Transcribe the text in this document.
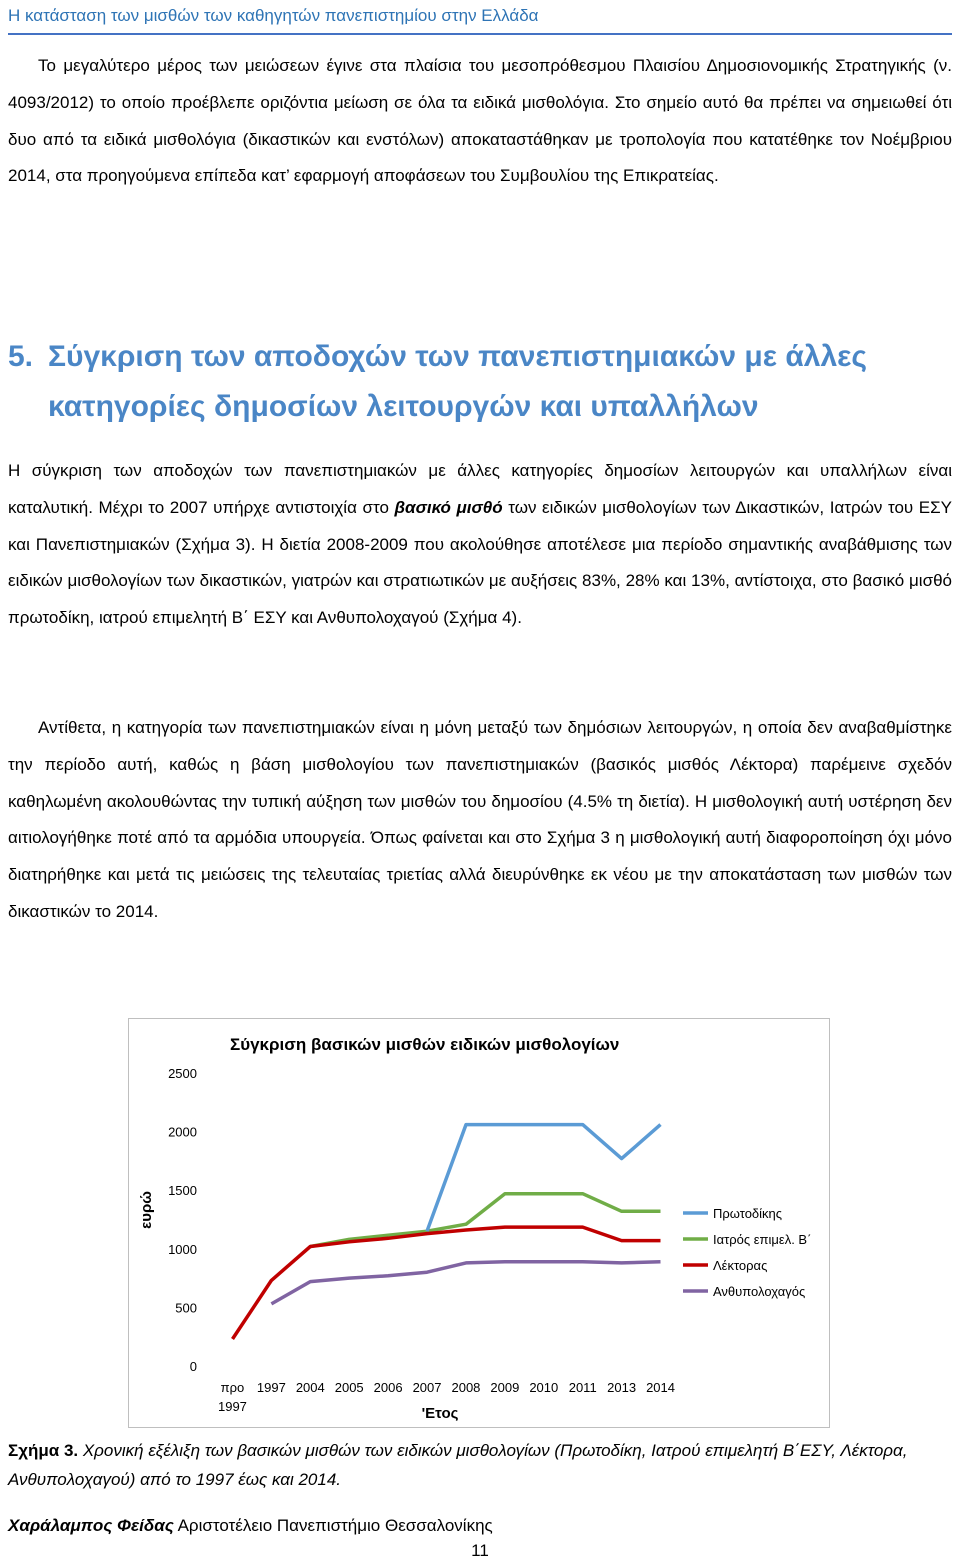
Η κατάσταση των μισθών των καθηγητών πανεπιστημίου στην Ελλάδα

Το μεγαλύτερο μέρος των μειώσεων έγινε στα πλαίσια του μεσοπρόθεσμου Πλαισίου Δημοσιονομικής Στρατηγικής (ν. 4093/2012) το οποίο προέβλεπε οριζόντια μείωση σε όλα τα ειδικά μισθολόγια. Στο σημείο αυτό θα πρέπει να σημειωθεί ότι δυο από τα ειδικά μισθολόγια (δικαστικών και ενστόλων) αποκαταστάθηκαν με τροπολογία που κατατέθηκε τον Νοέμβριου 2014, στα προηγούμενα επίπεδα κατ’ εφαρμογή αποφάσεων του Συμβουλίου της Επικρατείας.

5. Σύγκριση των αποδοχών των πανεπιστημιακών με άλλες
κατηγορίες δημοσίων λειτουργών και υπαλλήλων

Η σύγκριση των αποδοχών των πανεπιστημιακών με άλλες κατηγορίες δημοσίων λειτουργών και υπαλλήλων είναι καταλυτική. Μέχρι το 2007 υπήρχε αντιστοιχία στο βασικό μισθό των ειδικών μισθολογίων των Δικαστικών, Ιατρών του ΕΣΥ και Πανεπιστημιακών (Σχήμα 3). Η διετία 2008-2009 που ακολούθησε αποτέλεσε μια περίοδο σημαντικής αναβάθμισης των ειδικών μισθολογίων των δικαστικών, γιατρών και στρατιωτικών με αυξήσεις 83%, 28% και 13%, αντίστοιχα, στο βασικό μισθό πρωτοδίκη, ιατρού επιμελητή Β΄ ΕΣΥ και Ανθυπολοχαγού (Σχήμα 4).

Αντίθετα, η κατηγορία των πανεπιστημιακών είναι η μόνη μεταξύ των δημόσιων λειτουργών, η οποία δεν αναβαθμίστηκε την περίοδο αυτή, καθώς η βάση μισθολογίου των πανεπιστημιακών (βασικός μισθός Λέκτορα) παρέμεινε σχεδόν καθηλωμένη ακολουθώντας την τυπική αύξηση των μισθών του δημοσίου (4.5% τη διετία). Η μισθολογική αυτή υστέρηση δεν αιτιολογήθηκε ποτέ από τα αρμόδια υπουργεία. Όπως φαίνεται και στο Σχήμα 3 η μισθολογική αυτή διαφοροποίηση όχι μόνο διατηρήθηκε και μετά τις μειώσεις της τελευταίας τριετίας αλλά διευρύνθηκε εκ νέου με την αποκατάσταση των μισθών των δικαστικών το 2014.

Σύγκριση βασικών μισθών ειδικών μισθολογίων
0
500
1000
1500
2000
2500
ευρώ
προ
1997
1997 2004 2005 2006 2007 2008 2009 2010 2011 2013 2014
'Ετος
Πρωτοδίκης
Ιατρός επιμελ. Β΄
Λέκτορας
Ανθυπολοχαγός
Σχήμα 3. Χρονική εξέλιξη των βασικών μισθών των ειδικών μισθολογίων (Πρωτοδίκη, Ιατρού επιμελητή Β΄ΕΣΥ, Λέκτορα, Ανθυπολοχαγού) από το 1997 έως και 2014.
Χαράλαμπος Φείδας Αριστοτέλειο Πανεπιστήμιο Θεσσαλονίκης
11
